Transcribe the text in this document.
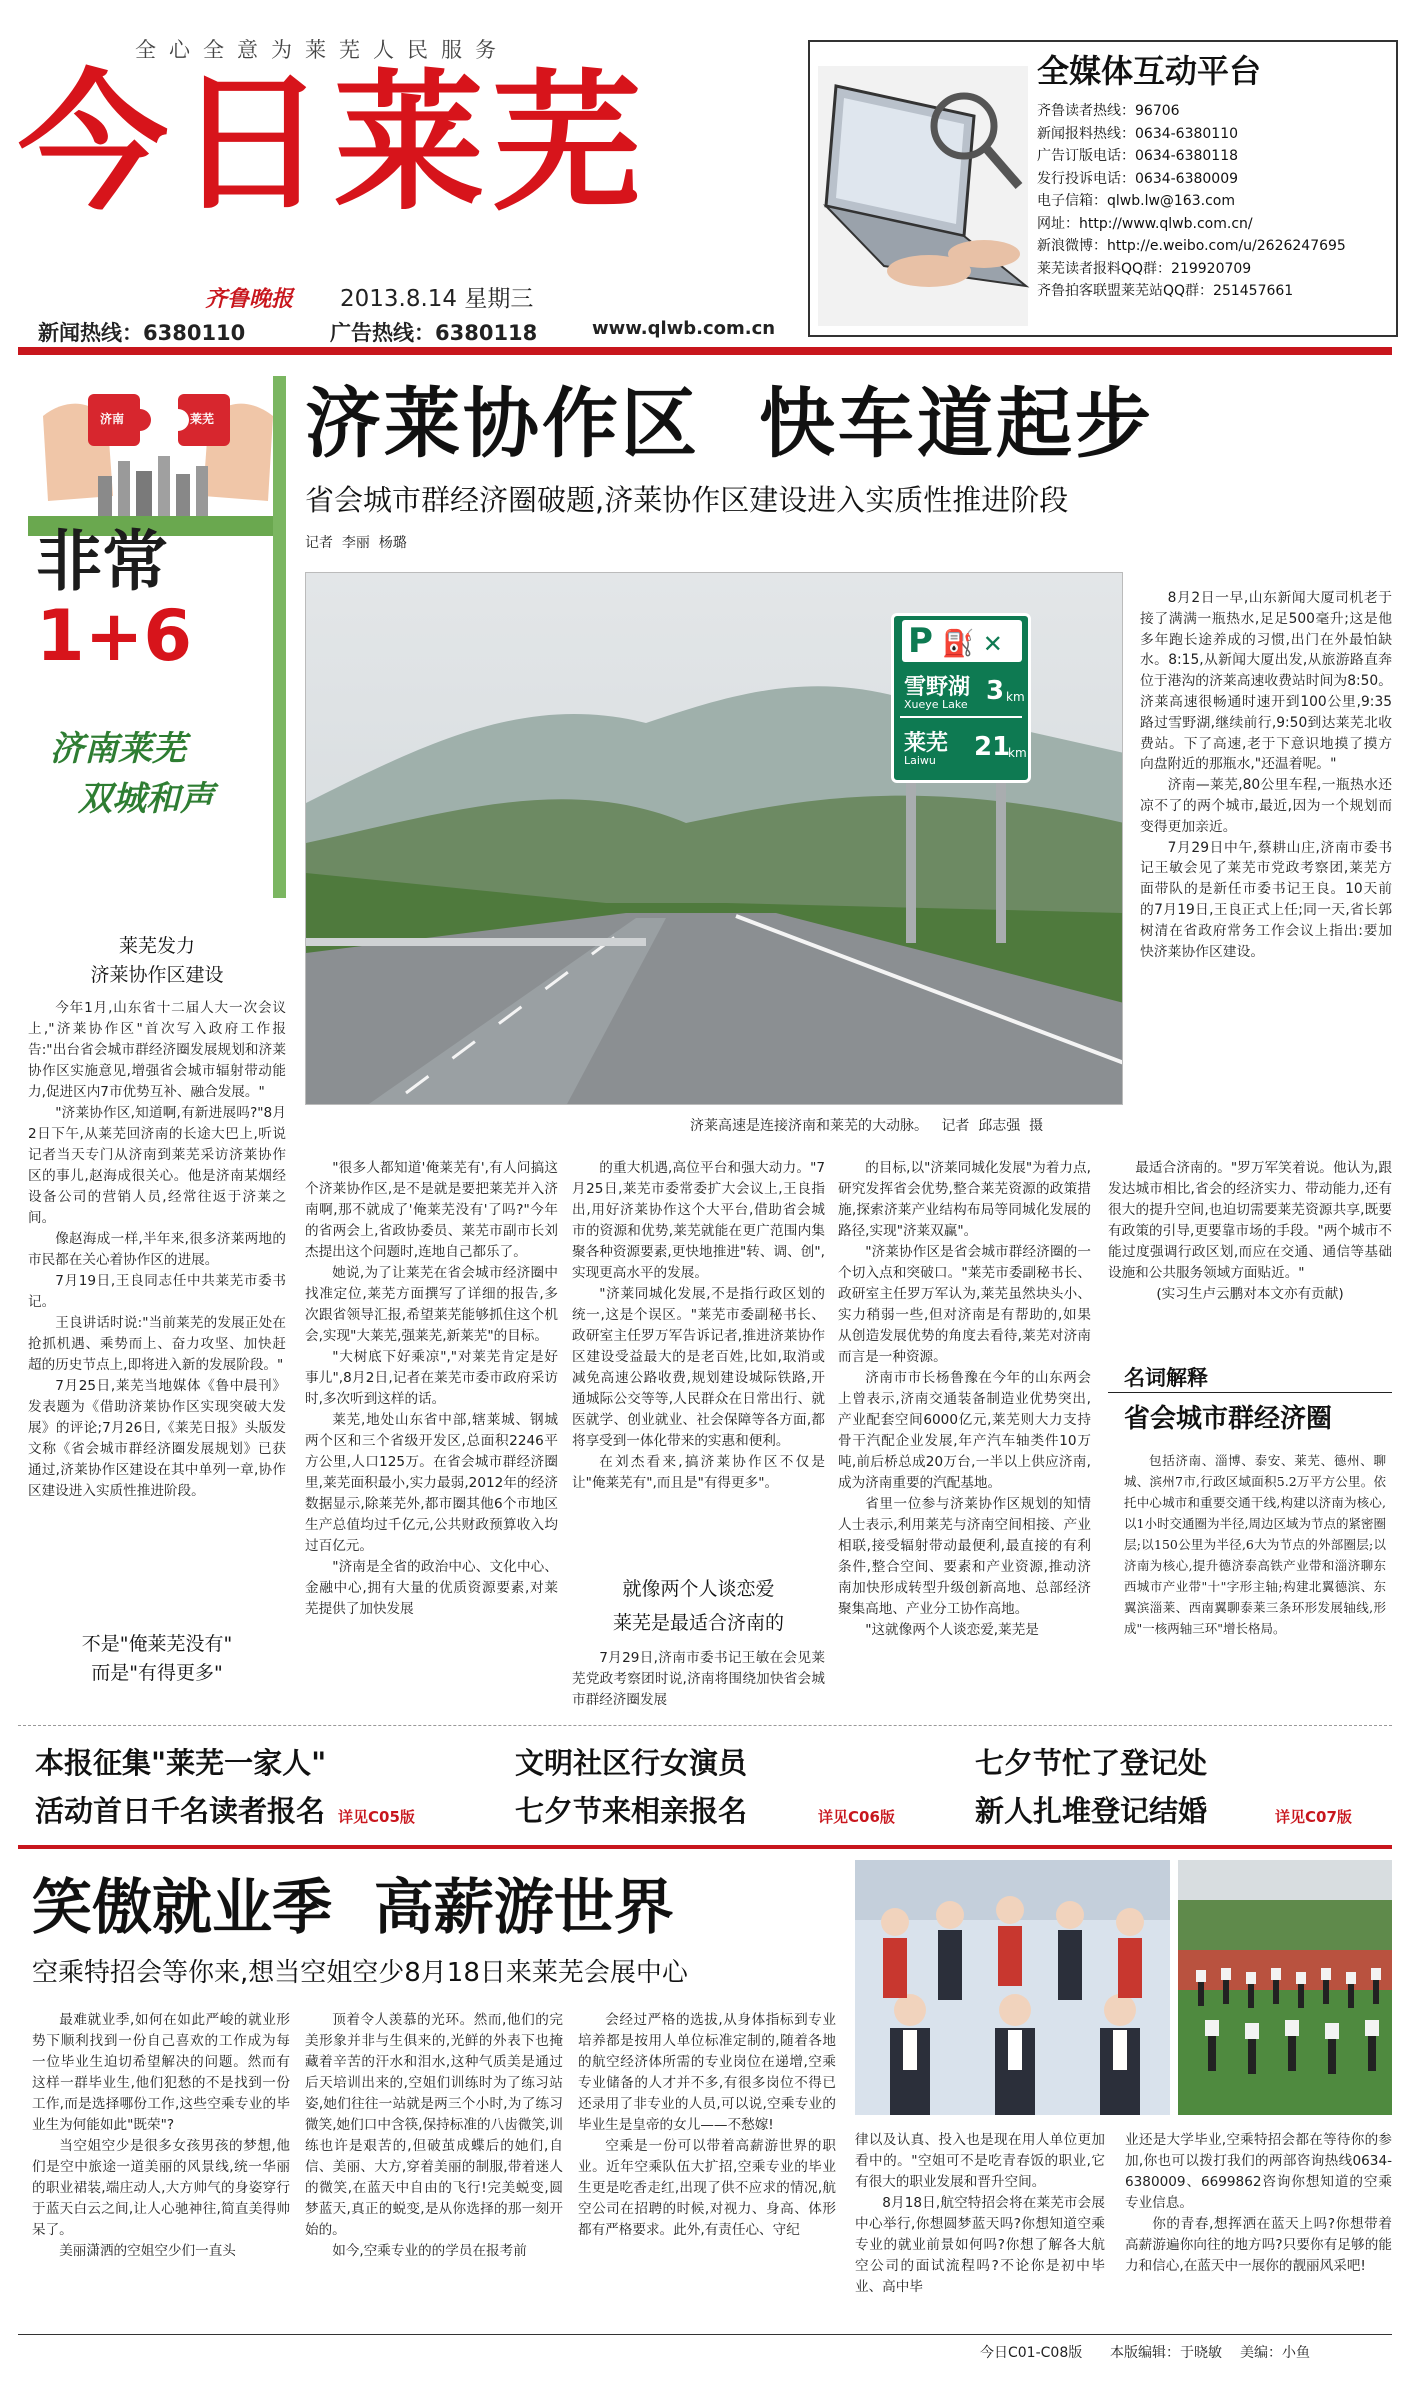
全心全意为莱芜人民服务
今日莱芜
齐鲁晚报 2013.8.14 星期三
新闻热线：6380110	广告热线：6380118	www.qlwb.com.cn
全媒体互动平台
齐鲁读者热线：96706
新闻报料热线：0634-6380110
广告订版电话：0634-6380118
发行投诉电话：0634-6380009
电子信箱：qlwb.lw@163.com
网址：http://www.qlwb.com.cn/
新浪微博：http://e.weibo.com/u/2626247695
莱芜读者报料QQ群：219920709
齐鲁拍客联盟莱芜站QQ群：251457661
济南	莱芜
非常
1+6
济南莱芜
双城和声
济莱协作区  快车道起步
省会城市群经济圈破题,济莱协作区建设进入实质性推进阶段
记者  李丽  杨璐
P ⛽ ✕
雪野湖
Xueye Lake 3 km
莱芜
Laiwu 21
km
济莱高速是连接济南和莱芜的大动脉。   记者  邱志强  摄

8月2日一早,山东新闻大厦司机老于接了满满一瓶热水,足足500毫升;这是他多年跑长途养成的习惯,出门在外最怕缺水。8:15,从新闻大厦出发,从旅游路直奔位于港沟的济莱高速收费站时间为8:50。济莱高速很畅通时速开到100公里,9:35路过雪野湖,继续前行,9:50到达莱芜北收费站。下了高速,老于下意识地摸了摸方向盘附近的那瓶水,"还温着呢。"

济南—莱芜,80公里车程,一瓶热水还凉不了的两个城市,最近,因为一个规划而变得更加亲近。

7月29日中午,蔡耕山庄,济南市委书记王敏会见了莱芜市党政考察团,莱芜方面带队的是新任市委书记王良。10天前的7月19日,王良正式上任;同一天,省长郭树清在省政府常务工作会议上指出:要加快济莱协作区建设。

莱芜发力
济莱协作区建设

今年1月,山东省十二届人大一次会议上,"济莱协作区"首次写入政府工作报告:"出台省会城市群经济圈发展规划和济莱协作区实施意见,增强省会城市辐射带动能力,促进区内7市优势互补、融合发展。"

"济莱协作区,知道啊,有新进展吗?"8月2日下午,从莱芜回济南的长途大巴上,听说记者当天专门从济南到莱芜采访济莱协作区的事儿,赵海成很关心。他是济南某烟经设备公司的营销人员,经常往返于济莱之间。

像赵海成一样,半年来,很多济莱两地的市民都在关心着协作区的进展。

7月19日,王良同志任中共莱芜市委书记。

王良讲话时说:"当前莱芜的发展正处在抢抓机遇、乘势而上、奋力攻坚、加快赶超的历史节点上,即将进入新的发展阶段。"

7月25日,莱芜当地媒体《鲁中晨刊》发表题为《借助济莱协作区实现突破大发展》的评论;7月26日,《莱芜日报》头版发文称《省会城市群经济圈发展规划》已获通过,济莱协作区建设在其中单列一章,协作区建设进入实质性推进阶段。

不是"俺莱芜没有"
而是"有得更多"

"很多人都知道'俺莱芜有',有人问搞这个济莱协作区,是不是就是要把莱芜并入济南啊,那不就成了'俺莱芜没有'了吗?"今年的省两会上,省政协委员、莱芜市副市长刘杰提出这个问题时,连地自己都乐了。

她说,为了让莱芜在省会城市经济圈中找准定位,莱芜方面撰写了详细的报告,多次跟省领导汇报,希望莱芜能够抓住这个机会,实现"大莱芜,强莱芜,新莱芜"的目标。

"大树底下好乘凉","对莱芜肯定是好事儿",8月2日,记者在莱芜市委市政府采访时,多次听到这样的话。

莱芜,地处山东省中部,辖莱城、钢城两个区和三个省级开发区,总面积2246平方公里,人口125万。在省会城市群经济圈里,莱芜面积最小,实力最弱,2012年的经济数据显示,除莱芜外,都市圈其他6个市地区生产总值均过千亿元,公共财政预算收入均过百亿元。

"济南是全省的政治中心、文化中心、金融中心,拥有大量的优质资源要素,对莱芜提供了加快发展

的重大机遇,高位平台和强大动力。"7月25日,莱芜市委常委扩大会议上,王良指出,用好济莱协作这个大平台,借助省会城市的资源和优势,莱芜就能在更广范围内集聚各种资源要素,更快地推进"转、调、创",实现更高水平的发展。

"济莱同城化发展,不是指行政区划的统一,这是个误区。"莱芜市委副秘书长、政研室主任罗万军告诉记者,推进济莱协作区建设受益最大的是老百姓,比如,取消或减免高速公路收费,规划建设城际铁路,开通城际公交等等,人民群众在日常出行、就医就学、创业就业、社会保障等各方面,都将享受到一体化带来的实惠和便利。

在刘杰看来,搞济莱协作区不仅是让"俺莱芜有",而且是"有得更多"。

就像两个人谈恋爱
莱芜是最适合济南的

7月29日,济南市委书记王敏在会见莱芜党政考察团时说,济南将围绕加快省会城市群经济圈发展

的目标,以"济莱同城化发展"为着力点,研究发挥省会优势,整合莱芜资源的政策措施,探索济莱产业结构布局等同城化发展的路径,实现"济莱双赢"。

"济莱协作区是省会城市群经济圈的一个切入点和突破口。"莱芜市委副秘书长、政研室主任罗万军认为,莱芜虽然块头小、实力稍弱一些,但对济南是有帮助的,如果从创造发展优势的角度去看待,莱芜对济南而言是一种资源。

济南市市长杨鲁豫在今年的山东两会上曾表示,济南交通装备制造业优势突出,产业配套空间6000亿元,莱芜则大力支持骨干汽配企业发展,年产汽车轴类件10万吨,前后桥总成20万台,一半以上供应济南,成为济南重要的汽配基地。

省里一位参与济莱协作区规划的知情人士表示,利用莱芜与济南空间相接、产业相联,接受辐射带动最便利,最直接的有利条件,整合空间、要素和产业资源,推动济南加快形成转型升级创新高地、总部经济聚集高地、产业分工协作高地。

"这就像两个人谈恋爱,莱芜是

最适合济南的。"罗万军笑着说。他认为,跟发达城市相比,省会的经济实力、带动能力,还有很大的提升空间,也迫切需要莱芜资源共享,既要有政策的引导,更要靠市场的手段。"两个城市不能过度强调行政区划,而应在交通、通信等基础设施和公共服务领域方面贴近。"

(实习生卢云鹏对本文亦有贡献)

名词解释
省会城市群经济圈
包括济南、淄博、泰安、莱芜、德州、聊城、滨州7市,行政区域面积5.2万平方公里。依托中心城市和重要交通干线,构建以济南为核心,以1小时交通圈为半径,周边区域为节点的紧密圈层;以150公里为半径,6大为节点的外部圈层;以济南为核心,提升德济泰高铁产业带和淄济聊东西城市产业带"十"字形主轴;构建北翼德滨、东翼滨淄莱、西南翼聊泰莱三条环形发展轴线,形成"一核两轴三环"增长格局。
本报征集"莱芜一家人"
活动首日千名读者报名 详见C05版
文明社区行女演员
七夕节来相亲报名	详见C06版
七夕节忙了登记处
新人扎堆登记结婚	详见C07版
笑傲就业季  高薪游世界
空乘特招会等你来,想当空姐空少8月18日来莱芜会展中心

最难就业季,如何在如此严峻的就业形势下顺利找到一份自己喜欢的工作成为每一位毕业生迫切希望解决的问题。然而有这样一群毕业生,他们犯愁的不是找到一份工作,而是选择哪份工作,这些空乘专业的毕业生为何能如此"既荣"?

当空姐空少是很多女孩男孩的梦想,他们是空中旅途一道美丽的风景线,统一华丽的职业裙装,端庄动人,大方帅气的身姿穿行于蓝天白云之间,让人心驰神往,简直美得帅呆了。

美丽潇洒的空姐空少们一直头

顶着令人羡慕的光环。然而,他们的完美形象并非与生俱来的,光鲜的外表下也掩藏着辛苦的汗水和泪水,这种气质美是通过后天培训出来的,空姐们训练时为了练习站姿,她们往往一站就是两三个小时,为了练习微笑,她们口中含筷,保持标准的八齿微笑,训练也许是艰苦的,但破茧成蝶后的她们,自信、美丽、大方,穿着美丽的制服,带着迷人的微笑,在蓝天中自由的飞行!完美蜕变,圆梦蓝天,真正的蜕变,是从你选择的那一刻开始的。

如今,空乘专业的的学员在报考前

会经过严格的选拔,从身体指标到专业培养都是按用人单位标准定制的,随着各地的航空经济体所需的专业岗位在递增,空乘专业储备的人才并不多,有很多岗位不得已还录用了非专业的人员,可以说,空乘专业的毕业生是皇帝的女儿——不愁嫁!

空乘是一份可以带着高薪游世界的职业。近年空乘队伍大扩招,空乘专业的毕业生更是吃香走红,出现了供不应求的情况,航空公司在招聘的时候,对视力、身高、体形都有严格要求。此外,有责任心、守纪

律以及认真、投入也是现在用人单位更加看中的。"空姐可不是吃青春饭的职业,它有很大的职业发展和晋升空间。

8月18日,航空特招会将在莱芜市会展中心举行,你想圆梦蓝天吗?你想知道空乘专业的就业前景如何吗?你想了解各大航空公司的面试流程吗?不论你是初中毕业、高中毕

业还是大学毕业,空乘特招会都在等待你的参加,你也可以拨打我们的两部咨询热线0634-6380009、6699862咨询你想知道的空乘专业信息。

你的青春,想挥洒在蓝天上吗?你想带着高薪游遍你向往的地方吗?只要你有足够的能力和信心,在蓝天中一展你的靓丽风采吧!

今日C01-C08版 本版编辑：于晓敏 美编：小鱼
